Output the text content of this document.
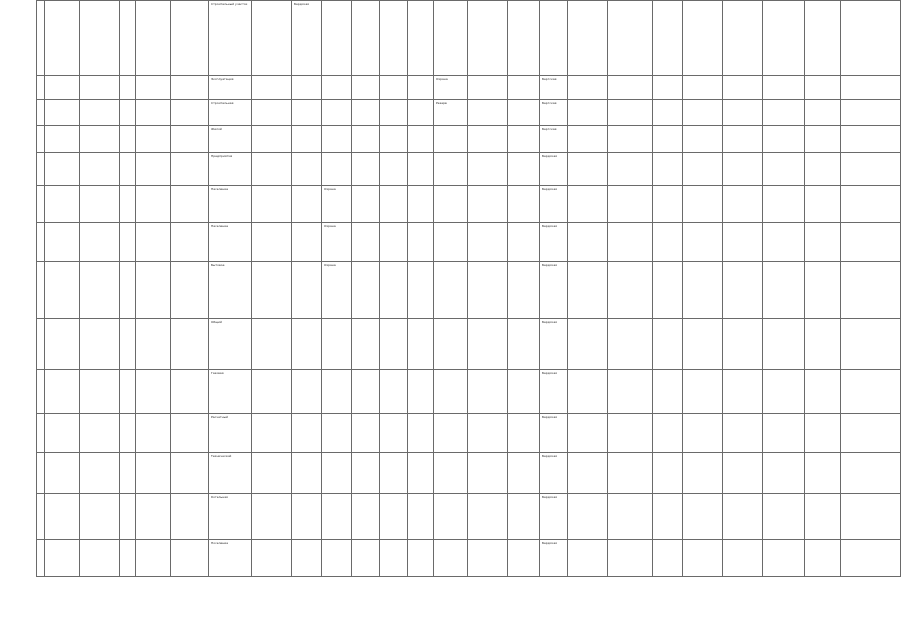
						Строительный участок		Бердская																
						Эксплуатация							Охрана			Бергская								
						Строительная							Резерв			Бергская								
						Жилой										Бергская								
						Предприятия										Бердская								
						Население			Охрана							Бердская								
						Население			Охрана							Бердская								
						Бытовое			Охрана							Бердская								
						Общий										Бердская								
						Газовая										Бердская								
						Расчетный										Бердская								
						Технический										Бердская								
						Котельная										Бердская								
						Поселение										Бердская								
